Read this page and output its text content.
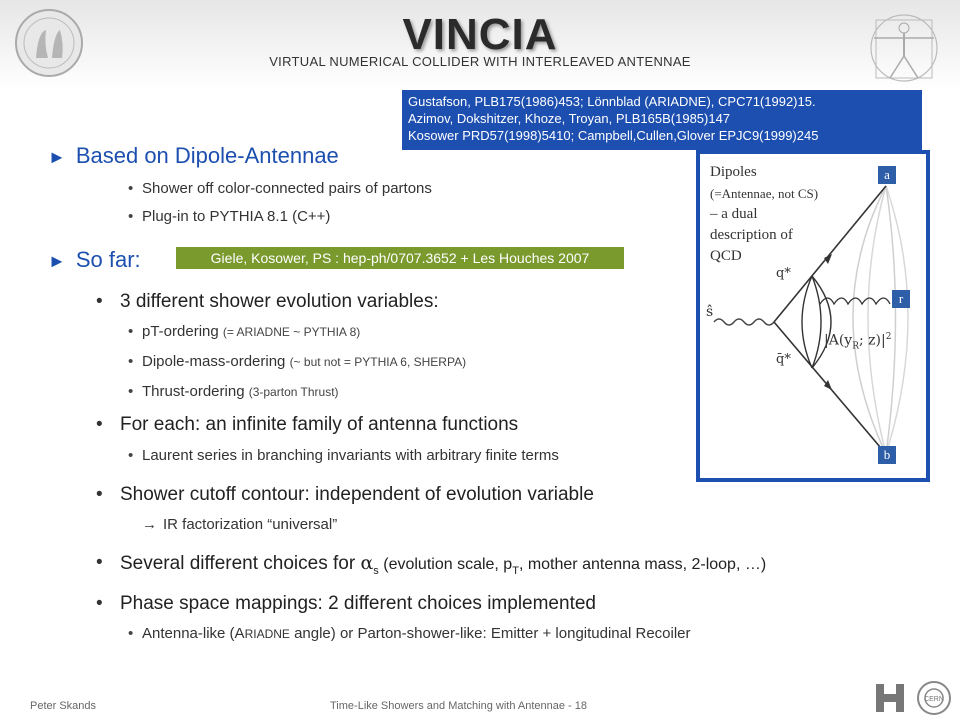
VINCIA
VIRTUAL NUMERICAL COLLIDER WITH INTERLEAVED ANTENNAE
Gustafson, PLB175(1986)453; Lönnblad (ARIADNE), CPC71(1992)15.
Azimov, Dokshitzer, Khoze, Troyan, PLB165B(1985)147
Kosower PRD57(1998)5410; Campbell,Cullen,Glover EPJC9(1999)245
► Based on Dipole-Antennae
• Shower off color-connected pairs of partons
• Plug-in to PYTHIA 8.1 (C++)
► So far:	Giele, Kosower, PS : hep-ph/0707.3652 + Les Houches 2007
• 3 different shower evolution variables:
• pT-ordering (= ARIADNE ~ PYTHIA 8)
• Dipole-mass-ordering (~ but not = PYTHIA 6, SHERPA)
• Thrust-ordering (3-parton Thrust)
• For each: an infinite family of antenna functions
• Laurent series in branching invariants with arbitrary finite terms
• Shower cutoff contour: independent of evolution variable
→ IR factorization “universal”
• Several different choices for $\alpha_s$ (evolution scale, $p_T$, mother antenna mass, 2-loop, …)
• Phase space mappings: 2 different choices implemented
• Antenna-like (ARIADNE angle) or Parton-shower-like: Emitter + longitudinal Recoiler
Dipoles
(=Antennae, not CS)
– a dual
description of
QCD
a
r
b
ŝ
q*
q̄*
$|A(y_R$; $z)|^2$
Peter Skands	Time-Like Showers and Matching with Antennae - 18
CERN
